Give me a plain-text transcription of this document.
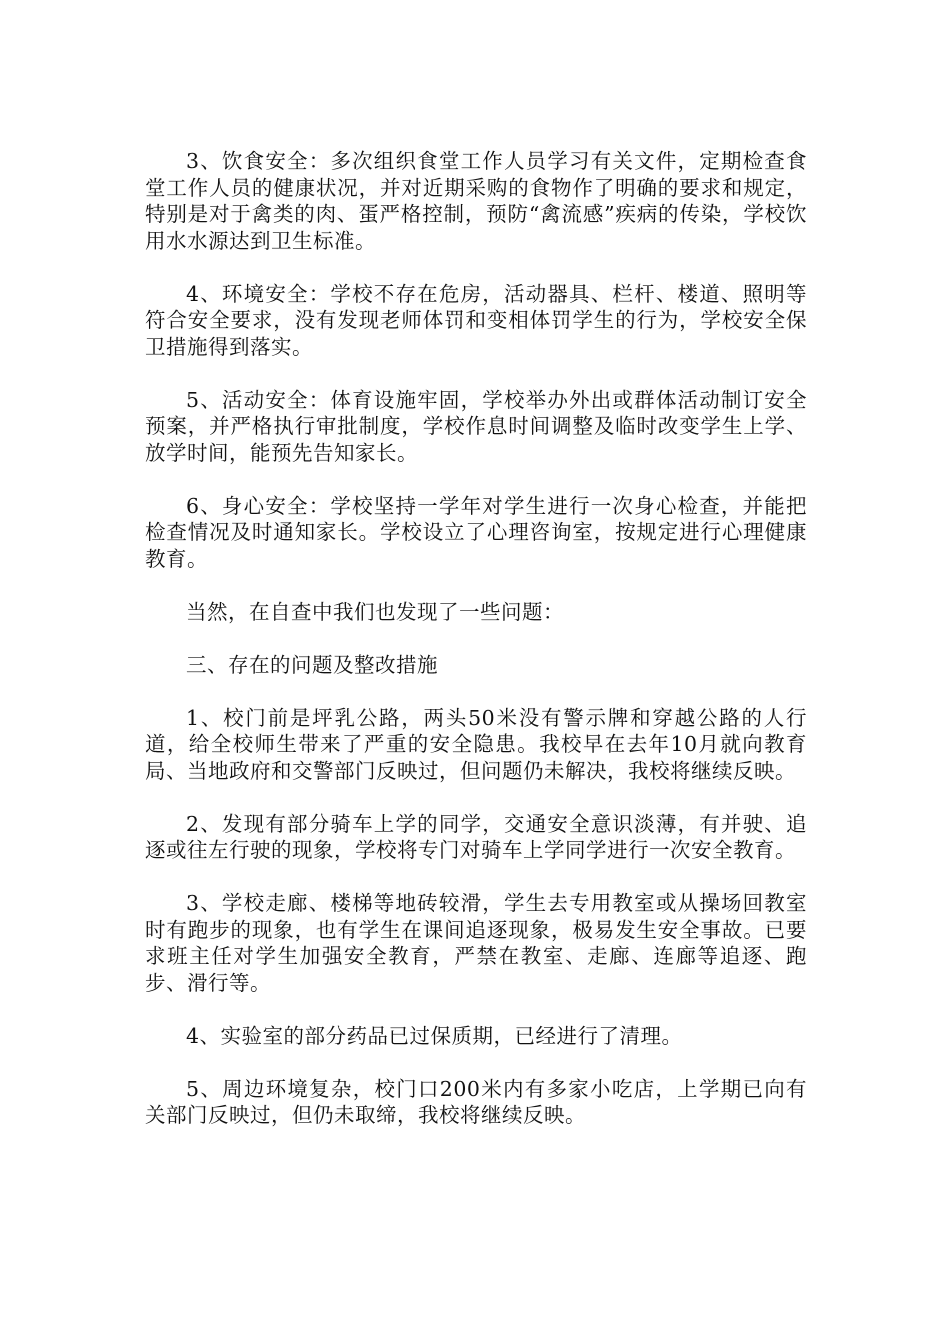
3、饮食安全：多次组织食堂工作人员学习有关文件，定期检查食堂工作人员的健康状况，并对近期采购的食物作了明确的要求和规定，特别是对于禽类的肉、蛋严格控制，预防“禽流感”疾病的传染，学校饮用水水源达到卫生标准。

4、环境安全：学校不存在危房，活动器具、栏杆、楼道、照明等符合安全要求，没有发现老师体罚和变相体罚学生的行为，学校安全保卫措施得到落实。

5、活动安全：体育设施牢固，学校举办外出或群体活动制订安全预案，并严格执行审批制度，学校作息时间调整及临时改变学生上学、放学时间，能预先告知家长。

6、身心安全：学校坚持一学年对学生进行一次身心检查，并能把检查情况及时通知家长。学校设立了心理咨询室，按规定进行心理健康教育。

当然，在自查中我们也发现了一些问题：

三、存在的问题及整改措施

1、校门前是坪乳公路，两头50米没有警示牌和穿越公路的人行道，给全校师生带来了严重的安全隐患。我校早在去年10月就向教育局、当地政府和交警部门反映过，但问题仍未解决，我校将继续反映。

2、发现有部分骑车上学的同学，交通安全意识淡薄，有并驶、追逐或往左行驶的现象，学校将专门对骑车上学同学进行一次安全教育。

3、学校走廊、楼梯等地砖较滑，学生去专用教室或从操场回教室时有跑步的现象，也有学生在课间追逐现象，极易发生安全事故。已要求班主任对学生加强安全教育，严禁在教室、走廊、连廊等追逐、跑步、滑行等。

4、实验室的部分药品已过保质期，已经进行了清理。

5、周边环境复杂，校门口200米内有多家小吃店，上学期已向有关部门反映过，但仍未取缔，我校将继续反映。
